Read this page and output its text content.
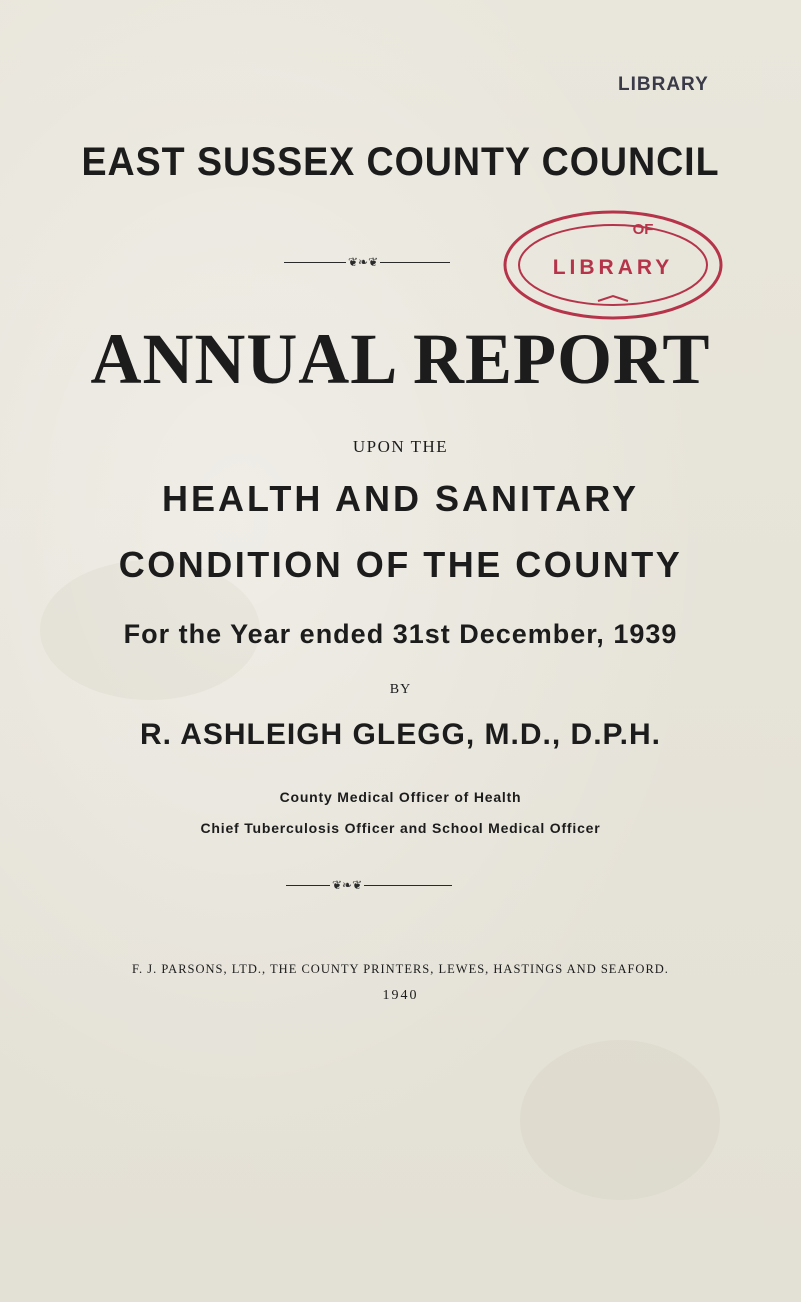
LIBRARY
EAST SUSSEX COUNTY COUNCIL
❦❧❦
OF
LIBRARY
ANNUAL REPORT
UPON THE
HEALTH AND SANITARY
CONDITION OF THE COUNTY
For the Year ended 31st December, 1939
BY
R. ASHLEIGH GLEGG, M.D., D.P.H.
County Medical Officer of Health
Chief Tuberculosis Officer and School Medical Officer
❦❧❦
F. J. PARSONS, LTD., THE COUNTY PRINTERS, LEWES, HASTINGS AND SEAFORD.
1940
